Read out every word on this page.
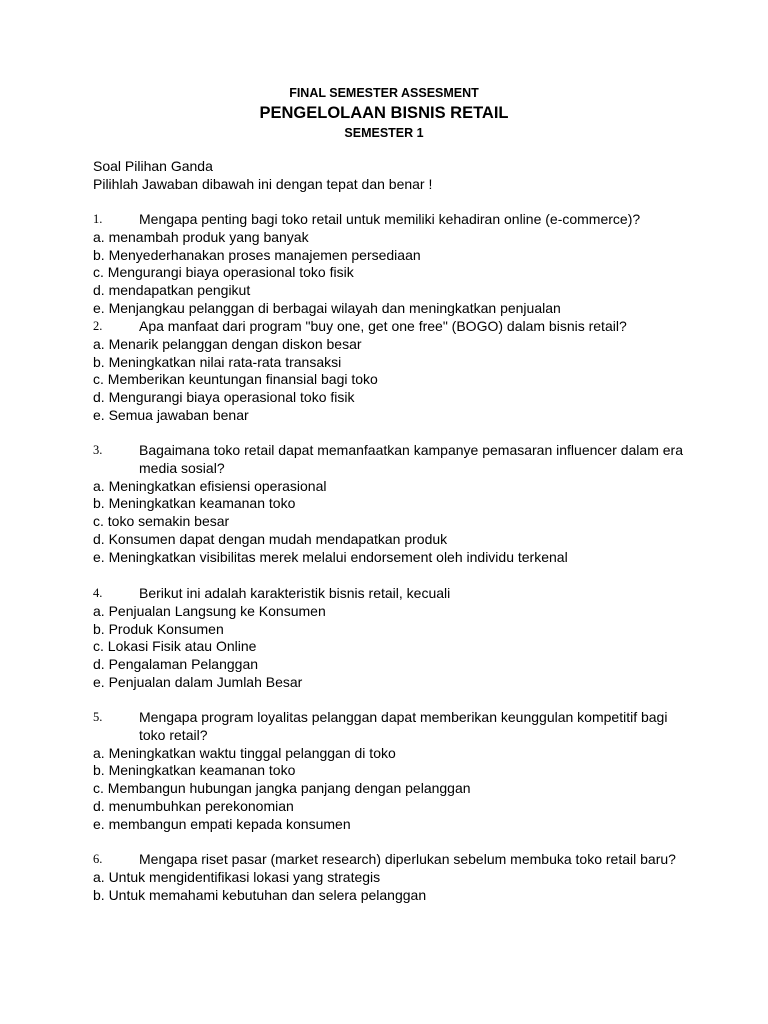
FINAL SEMESTER ASSESMENT
PENGELOLAAN BISNIS RETAIL
SEMESTER 1
Soal Pilihan Ganda
Pilihlah Jawaban dibawah ini dengan tepat dan benar !
1.	Mengapa penting bagi toko retail untuk memiliki kehadiran online (e-commerce)?
a. menambah produk yang banyak
b. Menyederhanakan proses manajemen persediaan
c. Mengurangi biaya operasional toko fisik
d. mendapatkan pengikut
e. Menjangkau pelanggan di berbagai wilayah dan meningkatkan penjualan
2.	Apa manfaat dari program "buy one, get one free" (BOGO) dalam bisnis retail?
a. Menarik pelanggan dengan diskon besar
b. Meningkatkan nilai rata-rata transaksi
c. Memberikan keuntungan finansial bagi toko
d. Mengurangi biaya operasional toko fisik
e. Semua jawaban benar
3.	Bagaimana toko retail dapat memanfaatkan kampanye pemasaran influencer dalam era media sosial?
a. Meningkatkan efisiensi operasional
b. Meningkatkan keamanan toko
c. toko semakin besar
d. Konsumen dapat dengan mudah mendapatkan produk
e. Meningkatkan visibilitas merek melalui endorsement oleh individu terkenal
4.	Berikut ini adalah karakteristik bisnis retail, kecuali
a. Penjualan Langsung ke Konsumen
b. Produk Konsumen
c. Lokasi Fisik atau Online
d. Pengalaman Pelanggan
e. Penjualan dalam Jumlah Besar
5.	Mengapa program loyalitas pelanggan dapat memberikan keunggulan kompetitif bagi toko retail?
a. Meningkatkan waktu tinggal pelanggan di toko
b. Meningkatkan keamanan toko
c. Membangun hubungan jangka panjang dengan pelanggan
d. menumbuhkan perekonomian
e. membangun empati kepada konsumen
6.	Mengapa riset pasar (market research) diperlukan sebelum membuka toko retail baru?
a. Untuk mengidentifikasi lokasi yang strategis
b. Untuk memahami kebutuhan dan selera pelanggan
